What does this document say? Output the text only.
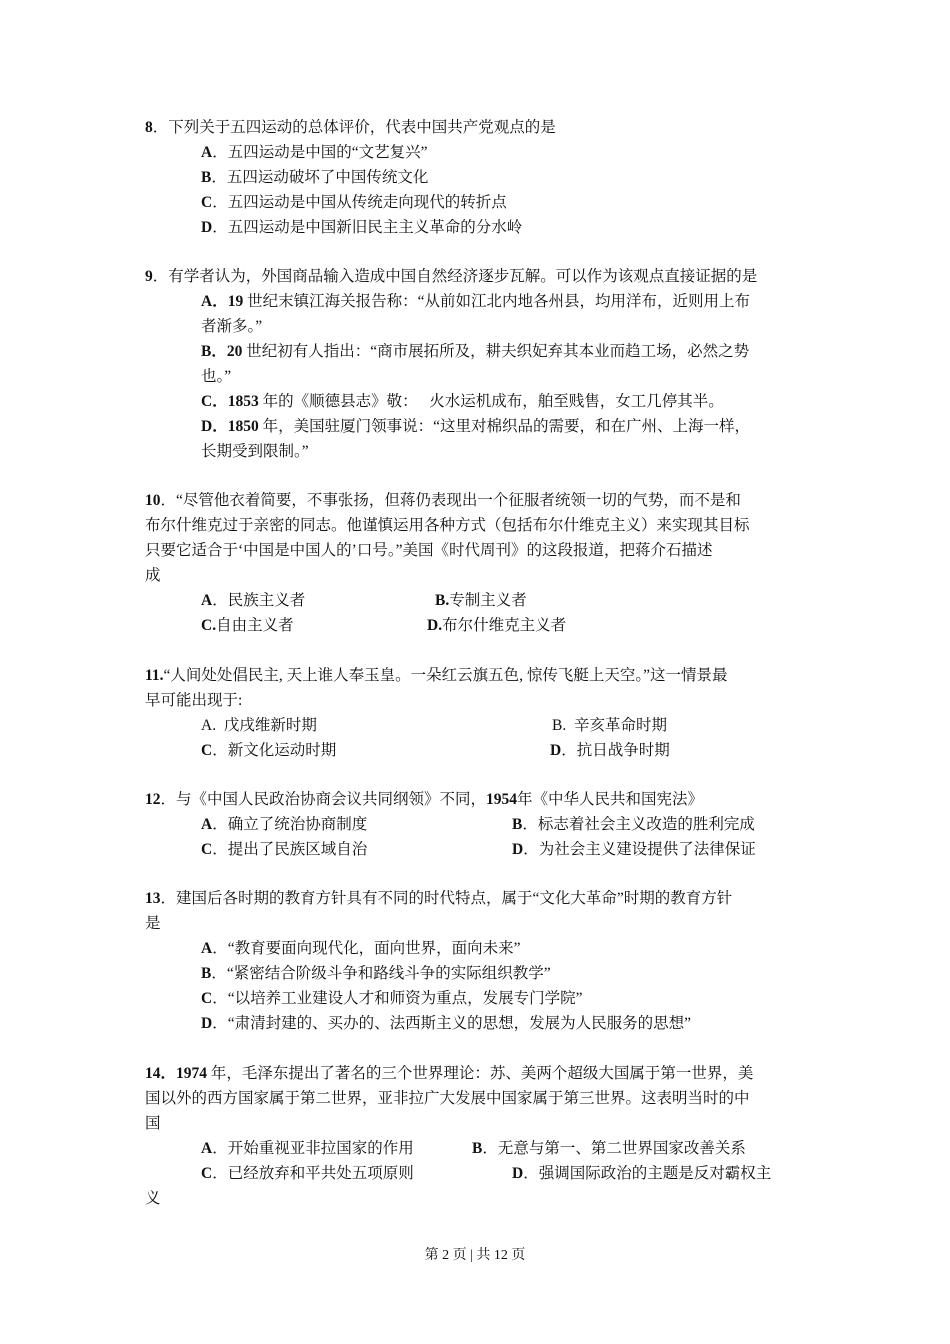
8．下列关于五四运动的总体评价，代表中国共产党观点的是
A．五四运动是中国的“文艺复兴”
B．五四运动破坏了中国传统文化
C．五四运动是中国从传统走向现代的转折点
D．五四运动是中国新旧民主主义革命的分水岭
9．有学者认为，外国商品输入造成中国自然经济逐步瓦解。可以作为该观点直接证据的是
A．19 世纪末镇江海关报告称：“从前如江北内地各州县，均用洋布，近则用上布
者渐多。”
B．20 世纪初有人指出：“商市展拓所及，耕夫织妃弃其本业而趋工场，必然之势
也。”
C．1853 年的《顺德县志》敬：　 火水运机成布，舶至贱售，女工几停其半。
D．1850 年，美国驻厦门领事说：“这里对棉织品的需要，和在广州、上海一样，
长期受到限制。”
10．“尽管他衣着简要，不事张扬，但蒋仍表现出一个征服者统领一切的气势，而不是和
布尔什维克过于亲密的同志。他谨慎运用各种方式（包括布尔什维克主义）来实现其目标
只要它适合于‘中国是中国人的’口号。”美国《时代周刊》的这段报道，把蒋介石描述
成
A．民族主义者	B.专制主义者
C.自由主义者	D.布尔什维克主义者
11.“人间处处倡民主, 天上谁人奉玉皇。一朵红云旗五色, 惊传飞艇上天空。”这一情景最
早可能出现于:
A. 戊戌维新时期	B. 辛亥革命时期
C．新文化运动时期	D．抗日战争时期
12．与《中国人民政治协商会议共同纲领》不同，1954年《中华人民共和国宪法》
A．确立了统治协商制度	B．标志着社会主义改造的胜利完成
C．提出了民族区域自治	D．为社会主义建设提供了法律保证
13．建国后各时期的教育方针具有不同的时代特点，属于“文化大革命”时期的教育方针
是
A．“教育要面向现代化，面向世界，面向未来”
B．“紧密结合阶级斗争和路线斗争的实际组织教学”
C．“以培养工业建设人才和师资为重点，发展专门学院”
D．“肃清封建的、买办的、法西斯主义的思想，发展为人民服务的思想”
14．1974 年，毛泽东提出了著名的三个世界理论：苏、美两个超级大国属于第一世界，美
国以外的西方国家属于第二世界，亚非拉广大发展中国家属于第三世界。这表明当时的中
国
A．开始重视亚非拉国家的作用	B．无意与第一、第二世界国家改善关系
C．已经放弃和平共处五项原则	D．强调国际政治的主题是反对霸权主
义
第 2 页 | 共 12 页
